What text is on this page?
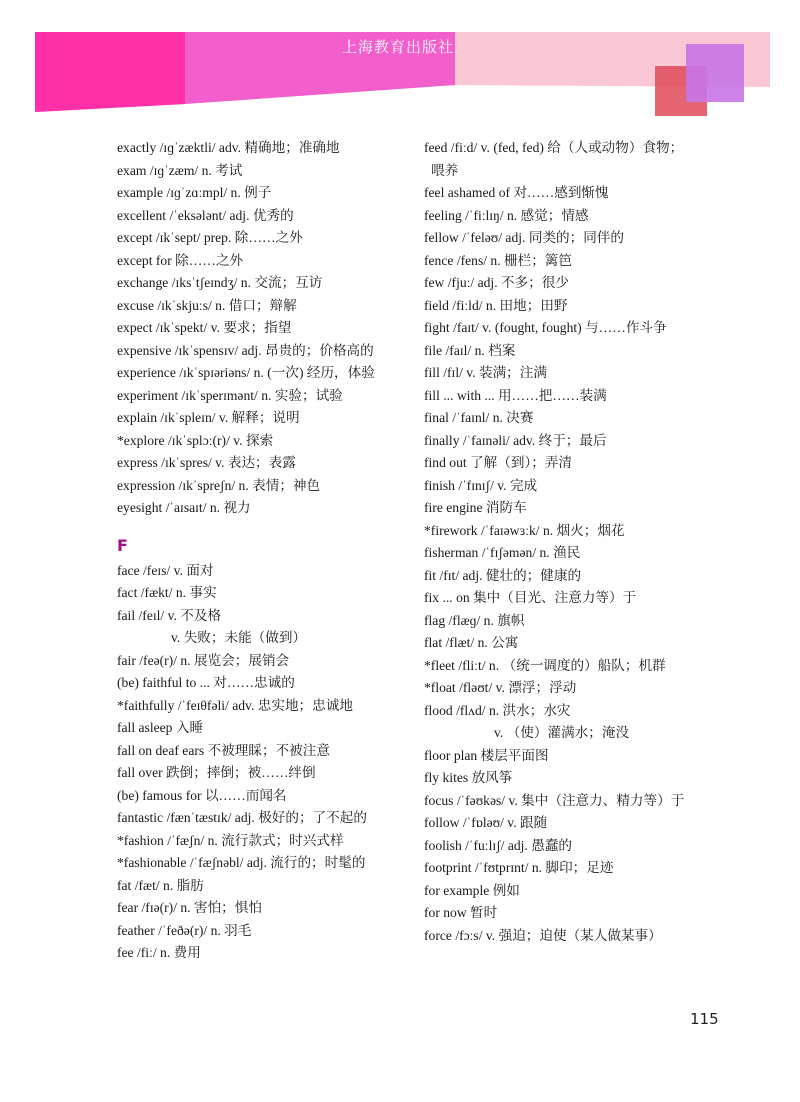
上海教育出版社
exactly /ɪɡˈzæktli/ adv. 精确地；准确地
exam /ɪɡˈzæm/ n. 考试
example /ɪɡˈzɑːmpl/ n. 例子
excellent /ˈeksələnt/ adj. 优秀的
except /ɪkˈsept/ prep. 除……之外
except for 除……之外
exchange /ɪksˈtʃeɪndʒ/ n. 交流；互访
excuse /ɪkˈskjuːs/ n. 借口；辩解
expect /ɪkˈspekt/ v. 要求；指望
expensive /ɪkˈspensɪv/ adj. 昂贵的；价格高的
experience /ɪkˈspɪəriəns/ n. (一次) 经历，体验
experiment /ɪkˈsperɪmənt/ n. 实验；试验
explain /ɪkˈspleɪn/ v. 解释；说明
*explore /ɪkˈsplɔː(r)/ v. 探索
express /ɪkˈspres/ v. 表达；表露
expression /ɪkˈspreʃn/ n. 表情；神色
eyesight /ˈaɪsaɪt/ n. 视力
F
face /feɪs/ v. 面对
fact /fækt/ n. 事实
fail /feɪl/ v. 不及格
v. 失败；未能（做到）
fair /feə(r)/ n. 展览会；展销会
(be) faithful to ... 对……忠诚的
*faithfully /ˈfeɪθfəli/ adv. 忠实地；忠诚地
fall asleep 入睡
fall on deaf ears 不被理睬；不被注意
fall over 跌倒；摔倒；被……绊倒
(be) famous for 以……而闻名
fantastic /fænˈtæstɪk/ adj. 极好的；了不起的
*fashion /ˈfæʃn/ n. 流行款式；时兴式样
*fashionable /ˈfæʃnəbl/ adj. 流行的；时髦的
fat /fæt/ n. 脂肪
fear /fɪə(r)/ n. 害怕；惧怕
feather /ˈfeðə(r)/ n. 羽毛
fee /fiː/ n. 费用
feed /fiːd/ v. (fed, fed) 给（人或动物）食物；
喂养
feel ashamed of 对……感到惭愧
feeling /ˈfiːlɪŋ/ n. 感觉；情感
fellow /ˈfeləʊ/ adj. 同类的；同伴的
fence /fens/ n. 栅栏；篱笆
few /fjuː/ adj. 不多；很少
field /fiːld/ n. 田地；田野
fight /faɪt/ v. (fought, fought) 与……作斗争
file /faɪl/ n. 档案
fill /fɪl/ v. 装满；注满
fill ... with ... 用……把……装满
final /ˈfaɪnl/ n. 决赛
finally /ˈfaɪnəli/ adv. 终于；最后
find out 了解（到）；弄清
finish /ˈfɪnɪʃ/ v. 完成
fire engine 消防车
*firework /ˈfaɪəwɜːk/ n. 烟火；烟花
fisherman /ˈfɪʃəmən/ n. 渔民
fit /fɪt/ adj. 健壮的；健康的
fix ... on 集中（目光、注意力等）于
flag /flæɡ/ n. 旗帜
flat /flæt/ n. 公寓
*fleet /fliːt/ n. （统一调度的）船队；机群
*float /fləʊt/ v. 漂浮；浮动
flood /flʌd/ n. 洪水；水灾
v. （使）灌满水；淹没
floor plan 楼层平面图
fly kites 放风筝
focus /ˈfəʊkəs/ v. 集中（注意力、精力等）于
follow /ˈfɒləʊ/ v. 跟随
foolish /ˈfuːlɪʃ/ adj. 愚蠢的
footprint /ˈfʊtprɪnt/ n. 脚印；足迹
for example 例如
for now 暂时
force /fɔːs/ v. 强迫；迫使（某人做某事）
115
